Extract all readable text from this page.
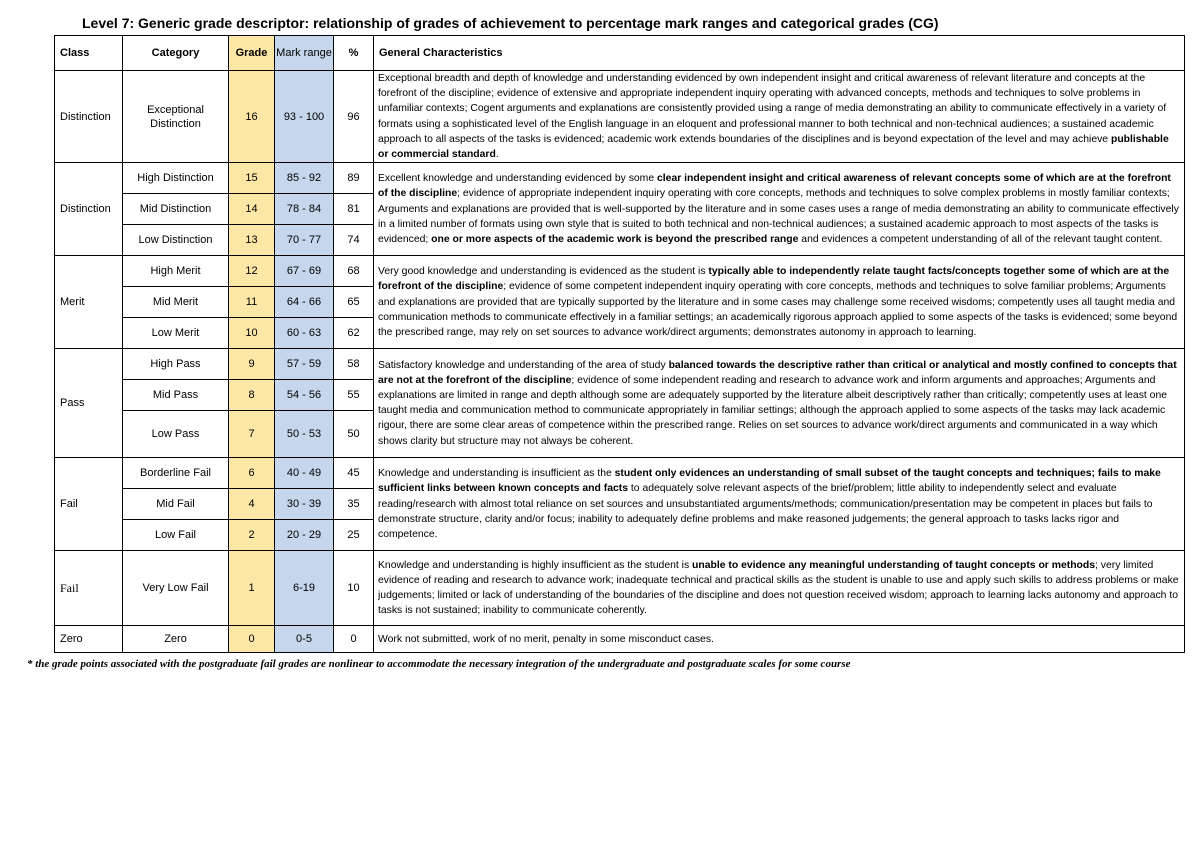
Level 7: Generic grade descriptor: relationship of grades of achievement to percentage mark ranges and categorical grades (CG)
Class	Category	Grade	Mark range	%	General Characteristics
Distinction	Exceptional Distinction	16	93 - 100	96	Exceptional breadth and depth of knowledge and understanding evidenced by own independent insight and critical awareness of relevant literature and concepts at the forefront of the discipline; evidence of extensive and appropriate independent inquiry operating with advanced concepts, methods and techniques to solve problems in unfamiliar contexts; Cogent arguments and explanations are consistently provided using a range of media demonstrating an ability to communicate effectively in a variety of formats using a sophisticated level of the English language in an eloquent and professional manner to both technical and non-technical audiences; a sustained academic approach to all aspects of the tasks is evidenced; academic work extends boundaries of the disciplines and is beyond expectation of the level and may achieve publishable or commercial standard.

Distinction	High Distinction	15	85 - 92	89	Excellent knowledge and understanding evidenced by some clear independent insight and critical awareness of relevant concepts some of which are at the forefront of the discipline; evidence of appropriate independent inquiry operating with core concepts, methods and techniques to solve complex problems in mostly familiar contexts; Arguments and explanations are provided that is well-supported by the literature and in some cases uses a range of media demonstrating an ability to communicate effectively in a limited number of formats using own style that is suited to both technical and non-technical audiences; a sustained academic approach to most aspects of the tasks is evidenced; one or more aspects of the academic work is beyond the prescribed range and evidences a competent understanding of all of the relevant taught content.

	Mid Distinction	14	78 - 84	81	
	Low Distinction	13	70 - 77	74	
Merit	High Merit	12	67 - 69	68	Very good knowledge and understanding is evidenced as the student is typically able to independently relate taught facts/concepts together some of which are at the forefront of the discipline; evidence of some competent independent inquiry operating with core concepts, methods and techniques to solve familiar problems; Arguments and explanations are provided that are typically supported by the literature and in some cases may challenge some received wisdoms; competently uses all taught media and communication methods to communicate effectively in a familiar settings; an academically rigorous approach applied to some aspects of the tasks is evidenced; some beyond the prescribed range, may rely on set sources to advance work/direct arguments; demonstrates autonomy in approach to learning.

	Mid Merit	11	64 - 66	65	
	Low Merit	10	60 - 63	62	
Pass	High Pass	9	57 - 59	58	Satisfactory knowledge and understanding of the area of study balanced towards the descriptive rather than critical or analytical and mostly confined to concepts that are not at the forefront of the discipline; evidence of some independent reading and research to advance work and inform arguments and approaches; Arguments and explanations are limited in range and depth although some are adequately supported by the literature albeit descriptively rather than critically; competently uses at least one taught media and communication method to communicate appropriately in familiar settings; although the approach applied to some aspects of the tasks may lack academic rigour, there are some clear areas of competence within the prescribed range. Relies on set sources to advance work/direct arguments and communicated in a way which shows clarity but structure may not always be coherent.

	Mid Pass	8	54 - 56	55	
	Low Pass	7	50 - 53	50	
Fail	Borderline Fail	6	40 - 49	45	Knowledge and understanding is insufficient as the student only evidences an understanding of small subset of the taught concepts and techniques; fails to make sufficient links between known concepts and facts to adequately solve relevant aspects of the brief/problem; little ability to independently select and evaluate reading/research with almost total reliance on set sources and unsubstantiated arguments/methods; communication/presentation may be competent in places but fails to demonstrate structure, clarity and/or focus; inability to adequately define problems and make reasoned judgements; the general approach to tasks lacks rigor and competence.

	Mid Fail	4	30 - 39	35	
	Low Fail	2	20 - 29	25	
Fail	Very Low Fail	1	6-19	10	Knowledge and understanding is highly insufficient as the student is unable to evidence any meaningful understanding of taught concepts or methods; very limited evidence of reading and research to advance work; inadequate technical and practical skills as the student is unable to use and apply such skills to address problems or make judgements; limited or lack of understanding of the boundaries of the discipline and does not question received wisdom; approach to learning lacks autonomy and approach to tasks is not sustained; inability to communicate coherently.

Zero	Zero	0	0-5	0	Work not submitted, work of no merit, penalty in some misconduct cases.
* the grade points associated with the postgraduate fail grades are nonlinear to accommodate the necessary integration of the undergraduate and postgraduate scales for some course
